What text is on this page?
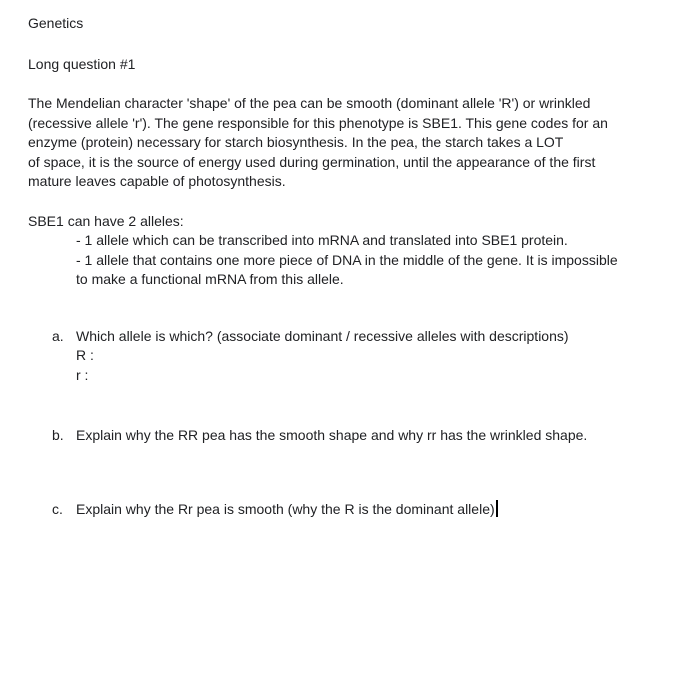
Genetics
Long question #1
The Mendelian character 'shape' of the pea can be smooth (dominant allele 'R') or wrinkled
(recessive allele 'r'). The gene responsible for this phenotype is SBE1. This gene codes for an
enzyme (protein) necessary for starch biosynthesis. In the pea, the starch takes a LOT
of space, it is the source of energy used during germination, until the appearance of the first
mature leaves capable of photosynthesis.
SBE1 can have 2 alleles:
- 1 allele which can be transcribed into mRNA and translated into SBE1 protein.
- 1 allele that contains one more piece of DNA in the middle of the gene. It is impossible
to make a functional mRNA from this allele.
a. Which allele is which? (associate dominant / recessive alleles with descriptions)
R :
r :
b. Explain why the RR pea has the smooth shape and why rr has the wrinkled shape.
c. Explain why the Rr pea is smooth (why the R is the dominant allele)
